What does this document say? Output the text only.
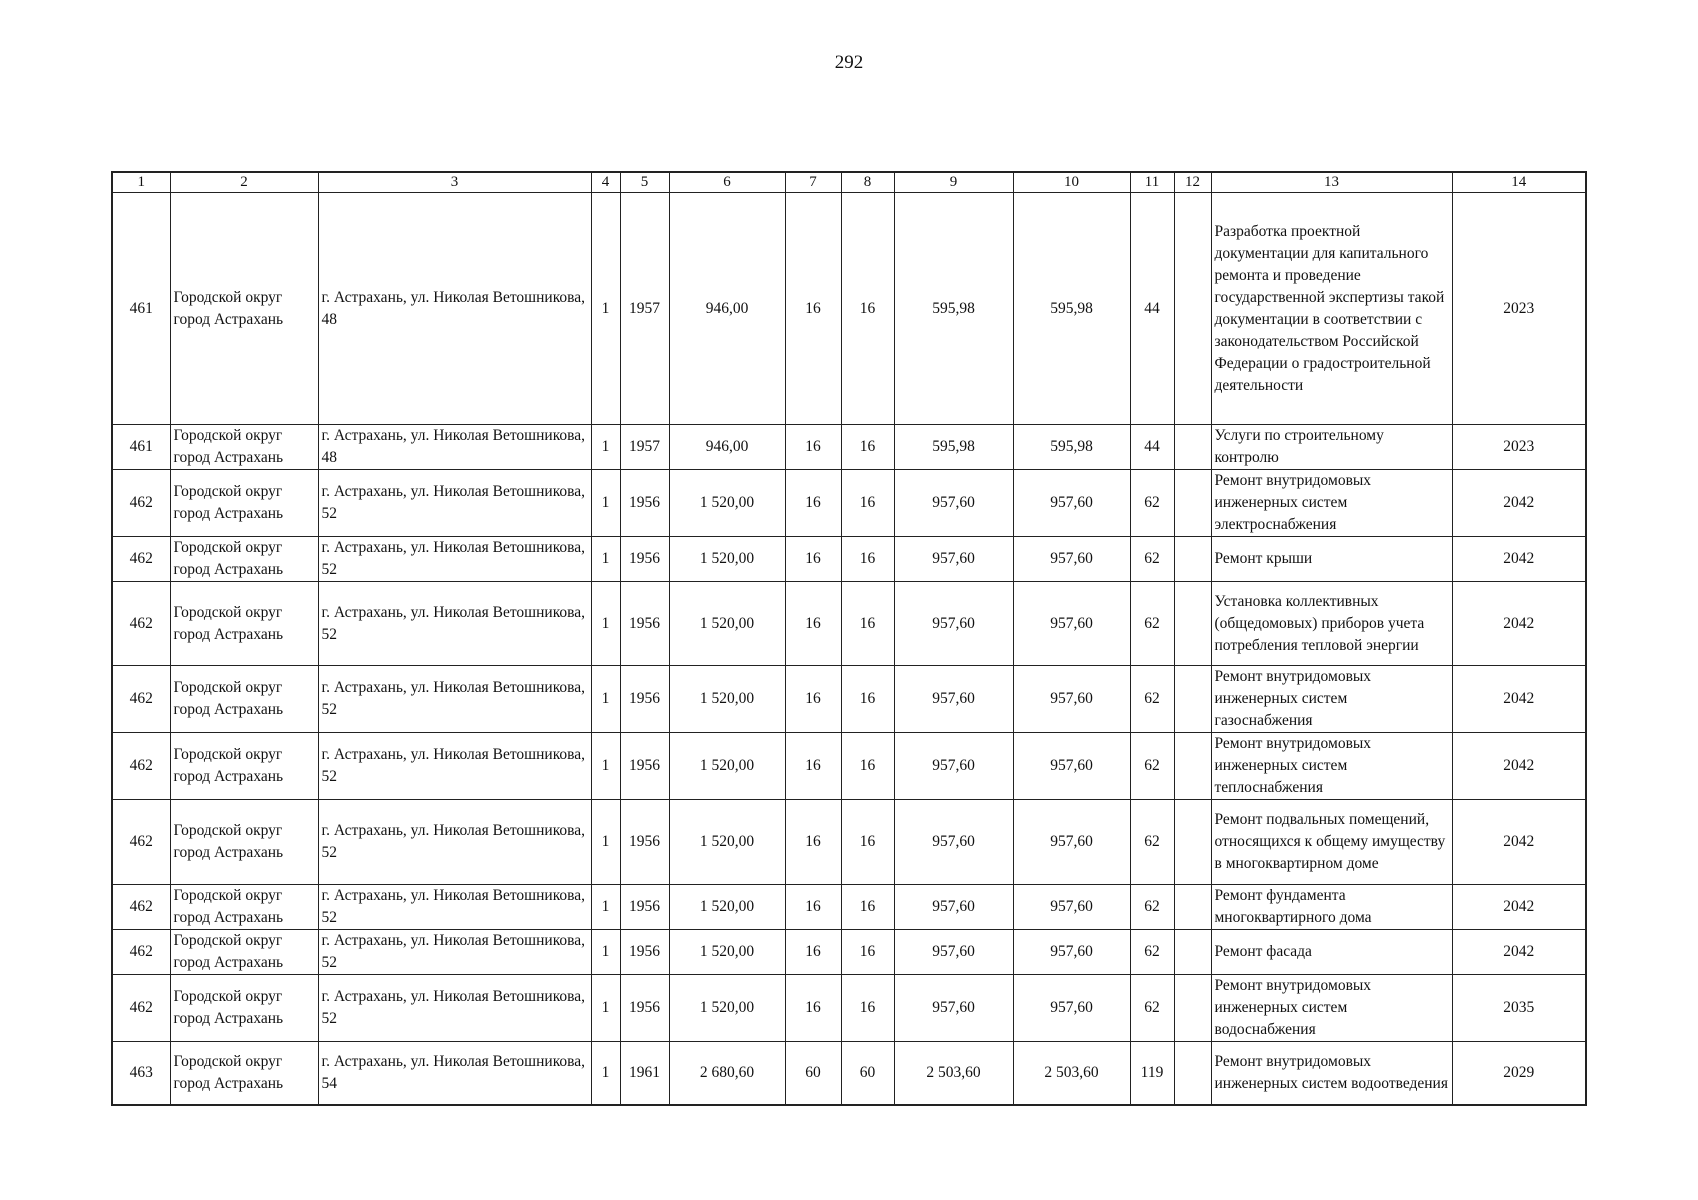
292
1	2	3	4	5	6	7	8	9	10	11	12	13	14
461	Городской округ город Астрахань	г. Астрахань, ул. Николая Ветошникова, 48	1	1957	946,00	16	16	595,98	595,98	44		Разработка проектной документации для капитального ремонта и проведение государственной экспертизы такой документации в соответствии с законодательством Российской Федерации о градостроительной деятельности	2023
461	Городской округ город Астрахань	г. Астрахань, ул. Николая Ветошникова, 48	1	1957	946,00	16	16	595,98	595,98	44		Услуги по строительному контролю	2023
462	Городской округ город Астрахань	г. Астрахань, ул. Николая Ветошникова, 52	1	1956	1 520,00	16	16	957,60	957,60	62		Ремонт внутридомовых инженерных систем электроснабжения	2042
462	Городской округ город Астрахань	г. Астрахань, ул. Николая Ветошникова, 52	1	1956	1 520,00	16	16	957,60	957,60	62		Ремонт крыши	2042
462	Городской округ город Астрахань	г. Астрахань, ул. Николая Ветошникова, 52	1	1956	1 520,00	16	16	957,60	957,60	62		Установка коллективных (общедомовых) приборов учета потребления тепловой энергии	2042
462	Городской округ город Астрахань	г. Астрахань, ул. Николая Ветошникова, 52	1	1956	1 520,00	16	16	957,60	957,60	62		Ремонт внутридомовых инженерных систем газоснабжения	2042
462	Городской округ город Астрахань	г. Астрахань, ул. Николая Ветошникова, 52	1	1956	1 520,00	16	16	957,60	957,60	62		Ремонт внутридомовых инженерных систем теплоснабжения	2042
462	Городской округ город Астрахань	г. Астрахань, ул. Николая Ветошникова, 52	1	1956	1 520,00	16	16	957,60	957,60	62		Ремонт подвальных помещений, относящихся к общему имуществу в многоквартирном доме	2042
462	Городской округ город Астрахань	г. Астрахань, ул. Николая Ветошникова, 52	1	1956	1 520,00	16	16	957,60	957,60	62		Ремонт фундамента многоквартирного дома	2042
462	Городской округ город Астрахань	г. Астрахань, ул. Николая Ветошникова, 52	1	1956	1 520,00	16	16	957,60	957,60	62		Ремонт фасада	2042
462	Городской округ город Астрахань	г. Астрахань, ул. Николая Ветошникова, 52	1	1956	1 520,00	16	16	957,60	957,60	62		Ремонт внутридомовых инженерных систем водоснабжения	2035
463	Городской округ город Астрахань	г. Астрахань, ул. Николая Ветошникова, 54	1	1961	2 680,60	60	60	2 503,60	2 503,60	119		Ремонт внутридомовых инженерных систем водоотведения	2029
